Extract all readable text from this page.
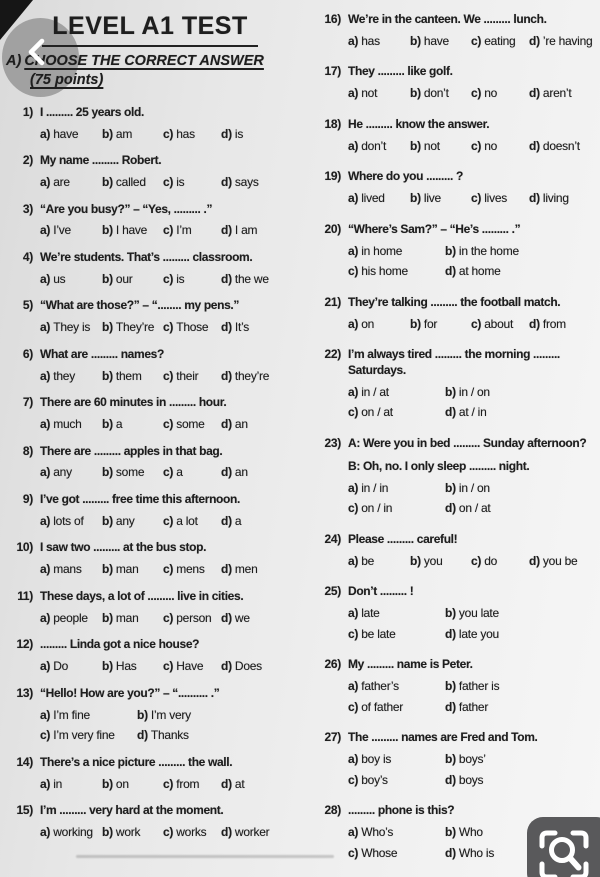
LEVEL A1 TEST
A) CHOOSE THE CORRECT ANSWER
(75 points)
1) I ......... 25 years old.
a) have	b) am	c) has	d) is
2) My name ......... Robert.
a) are	b) called	c) is	d) says
3) “Are you busy?” – “Yes, ......... .”
a) I’ve	b) I have	c) I’m	d) I am
4) We’re students. That’s ......... classroom.
a) us	b) our	c) is	d) the we
5) “What are those?” – “........ my pens.”
a) They is b) They’re c) Those	d) It’s
6) What are ......... names?
a) they	b) them	c) their	d) they’re
7) There are 60 minutes in ......... hour.
a) much	b) a	c) some	d) an
8) There are ......... apples in that bag.
a) any	b) some	c) a	d) an
9) I’ve got ......... free time this afternoon.
a) lots of	b) any	c) a lot	d) a
10) I saw two ......... at the bus stop.
a) mans	b) man	c) mens	d) men
11) These days, a lot of ......... live in cities.
a) people	b) man	c) person d) we
12) ......... Linda got a nice house?
a) Do	b) Has	c) Have	d) Does
13) “Hello! How are you?” – “.......... .”
a) I’m fine	b) I’m very
c) I’m very fine	d) Thanks
14) There’s a nice picture ......... the wall.
a) in	b) on	c) from	d) at
15) I’m ......... very hard at the moment.
a) working b) work	c) works	d) worker
16) We’re in the canteen. We ......... lunch.
a) has	b) have	c) eating	d) ’re having
17) They ......... like golf.
a) not	b) don’t	c) no	d) aren’t
18) He ......... know the answer.
a) don’t	b) not	c) no	d) doesn’t
19) Where do you ......... ?
a) lived	b) live	c) lives	d) living
20) “Where’s Sam?” – “He’s ......... .”
a) in home	b) in the home
c) his home	d) at home
21) They’re talking ......... the football match.
a) on	b) for	c) about	d) from
22) I’m always tired ......... the morning ......... Saturdays.
a) in / at	b) in / on
c) on / at	d) at / in
23) A: Were you in bed ......... Sunday afternoon?
B: Oh, no. I only sleep ......... night.
a) in / in	b) in / on
c) on / in	d) on / at
24) Please ......... careful!
a) be	b) you	c) do	d) you be
25) Don’t ......... !
a) late	b) you late
c) be late	d) late you
26) My ......... name is Peter.
a) father’s	b) father is
c) of father	d) father
27) The ......... names are Fred and Tom.
a) boy is	b) boys’
c) boy’s	d) boys
28) ......... phone is this?
a) Who’s	b) Who
c) Whose	d) Who is
